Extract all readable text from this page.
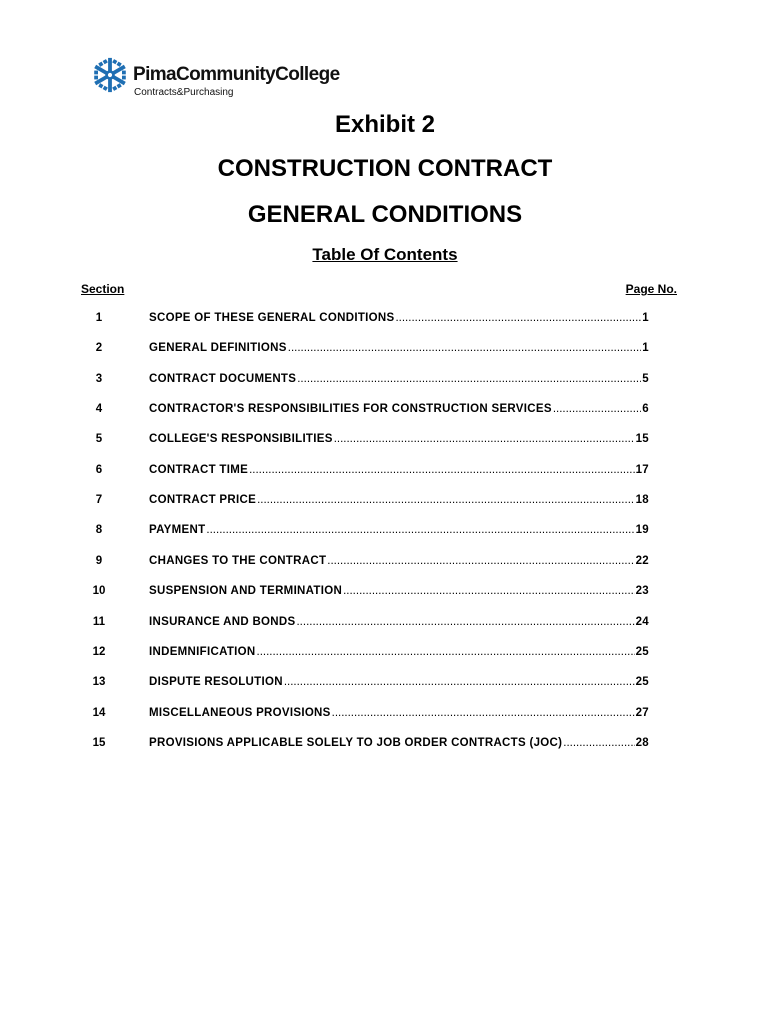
PimaCommunityCollege
Contracts&Purchasing
Exhibit 2
CONSTRUCTION CONTRACT
GENERAL CONDITIONS
Table Of Contents
Section	Page No.
1	SCOPE OF THESE GENERAL CONDITIONS .....	1
2	GENERAL DEFINITIONS .....	1
3	CONTRACT DOCUMENTS .....	5
4	CONTRACTOR'S RESPONSIBILITIES FOR CONSTRUCTION SERVICES .....	6
5	COLLEGE'S RESPONSIBILITIES .....	15
6	CONTRACT TIME .....	17
7	CONTRACT PRICE .....	18
8	PAYMENT .....	19
9	CHANGES TO THE CONTRACT .....	22
10	SUSPENSION AND TERMINATION .....	23
11	INSURANCE AND BONDS .....	24
12	INDEMNIFICATION .....	25
13	DISPUTE RESOLUTION .....	25
14	MISCELLANEOUS PROVISIONS .....	27
15	PROVISIONS APPLICABLE SOLELY TO JOB ORDER CONTRACTS (JOC) .....	28
